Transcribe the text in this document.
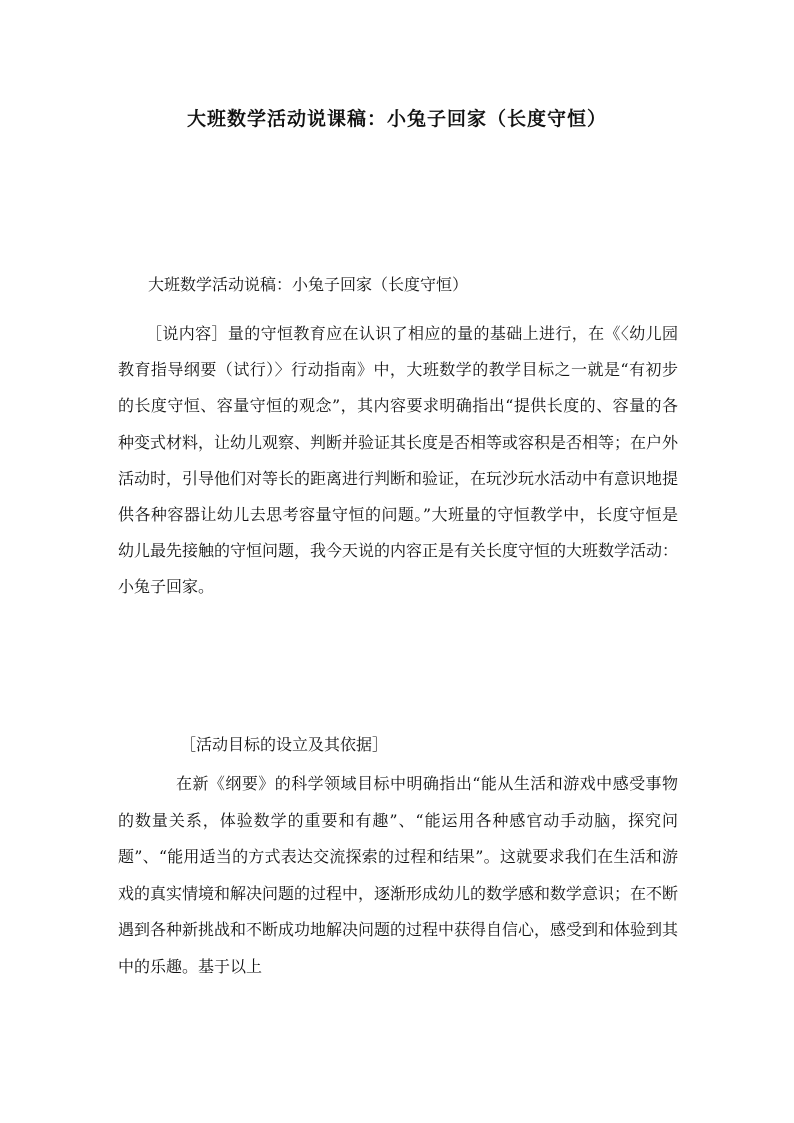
大班数学活动说课稿：小兔子回家（长度守恒）

大班数学活动说稿：小兔子回家（长度守恒）

［说内容］量的守恒教育应在认识了相应的量的基础上进行，在《〈幼儿园教育指导纲要（试行）〉行动指南》中，大班数学的教学目标之一就是“有初步的长度守恒、容量守恒的观念”，其内容要求明确指出“提供长度的、容量的各种变式材料，让幼儿观察、判断并验证其长度是否相等或容积是否相等；在户外活动时，引导他们对等长的距离进行判断和验证，在玩沙玩水活动中有意识地提供各种容器让幼儿去思考容量守恒的问题。”大班量的守恒教学中，长度守恒是幼儿最先接触的守恒问题，我今天说的内容正是有关长度守恒的大班数学活动：小兔子回家。

［活动目标的设立及其依据］

在新《纲要》的科学领域目标中明确指出“能从生活和游戏中感受事物的数量关系，体验数学的重要和有趣”、“能运用各种感官动手动脑，探究问题”、“能用适当的方式表达交流探索的过程和结果”。这就要求我们在生活和游戏的真实情境和解决问题的过程中，逐渐形成幼儿的数学感和数学意识；在不断遇到各种新挑战和不断成功地解决问题的过程中获得自信心，感受到和体验到其中的乐趣。基于以上
